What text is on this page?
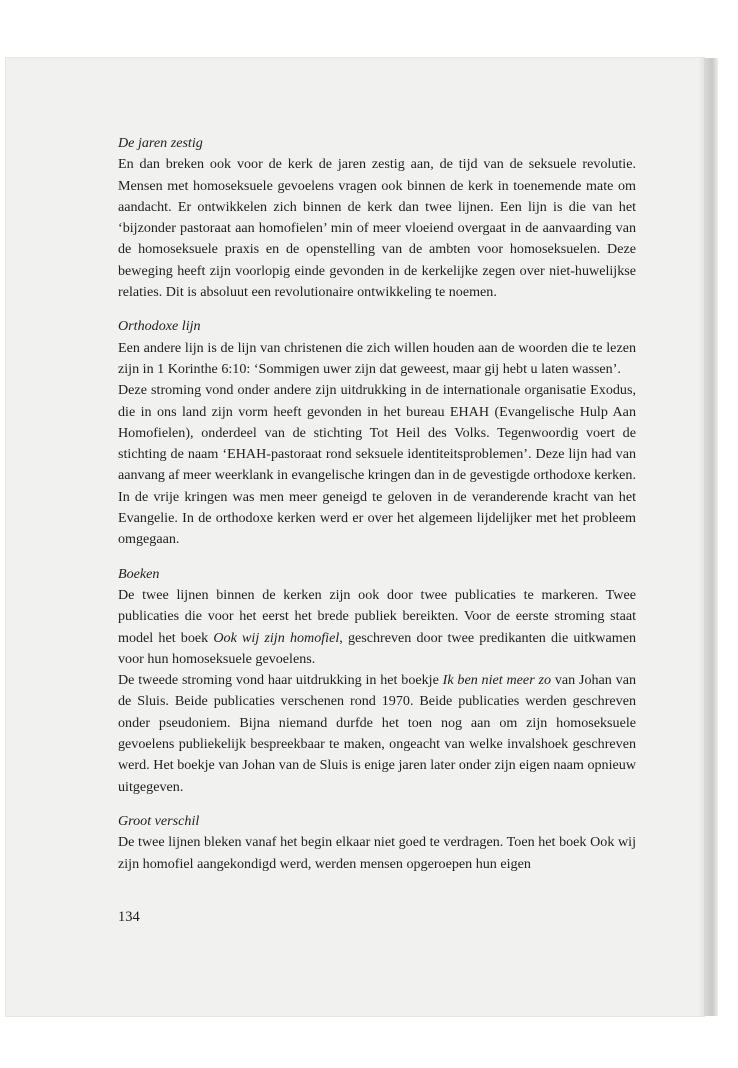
De jaren zestig

En dan breken ook voor de kerk de jaren zestig aan, de tijd van de seksuele revolutie. Mensen met homoseksuele gevoelens vragen ook binnen de kerk in toenemende mate om aandacht. Er ontwikkelen zich binnen de kerk dan twee lijnen. Een lijn is die van het ‘bijzonder pastoraat aan homofielen’ min of meer vloeiend overgaat in de aanvaarding van de homoseksuele praxis en de openstelling van de ambten voor homoseksuelen. Deze beweging heeft zijn voorlopig einde gevonden in de kerkelijke zegen over niet-huwelijkse relaties. Dit is absoluut een revolutionaire ontwikkeling te noemen.

Orthodoxe lijn

Een andere lijn is de lijn van christenen die zich willen houden aan de woorden die te lezen zijn in 1 Korinthe 6:10: ‘Sommigen uwer zijn dat geweest, maar gij hebt u laten wassen’.

Deze stroming vond onder andere zijn uitdrukking in de internationale organisatie Exodus, die in ons land zijn vorm heeft gevonden in het bureau EHAH (Evangelische Hulp Aan Homofielen), onderdeel van de stichting Tot Heil des Volks. Tegenwoordig voert de stichting de naam ‘EHAH-pastoraat rond seksuele identiteitsproblemen’. Deze lijn had van aanvang af meer weerklank in evangelische kringen dan in de gevestigde orthodoxe kerken. In de vrije kringen was men meer geneigd te geloven in de veranderende kracht van het Evangelie. In de orthodoxe kerken werd er over het algemeen lijdelijker met het probleem omgegaan.

Boeken

De twee lijnen binnen de kerken zijn ook door twee publicaties te markeren. Twee publicaties die voor het eerst het brede publiek bereikten. Voor de eerste stroming staat model het boek Ook wij zijn homofiel, geschreven door twee predikanten die uitkwamen voor hun homoseksuele gevoelens.

De tweede stroming vond haar uitdrukking in het boekje Ik ben niet meer zo van Johan van de Sluis. Beide publicaties verschenen rond 1970. Beide publicaties werden geschreven onder pseudoniem. Bijna niemand durfde het toen nog aan om zijn homoseksuele gevoelens publiekelijk bespreekbaar te maken, ongeacht van welke invalshoek geschreven werd. Het boekje van Johan van de Sluis is enige jaren later onder zijn eigen naam opnieuw uitgegeven.

Groot verschil

De twee lijnen bleken vanaf het begin elkaar niet goed te verdragen. Toen het boek Ook wij zijn homofiel aangekondigd werd, werden mensen opgeroepen hun eigen

134
